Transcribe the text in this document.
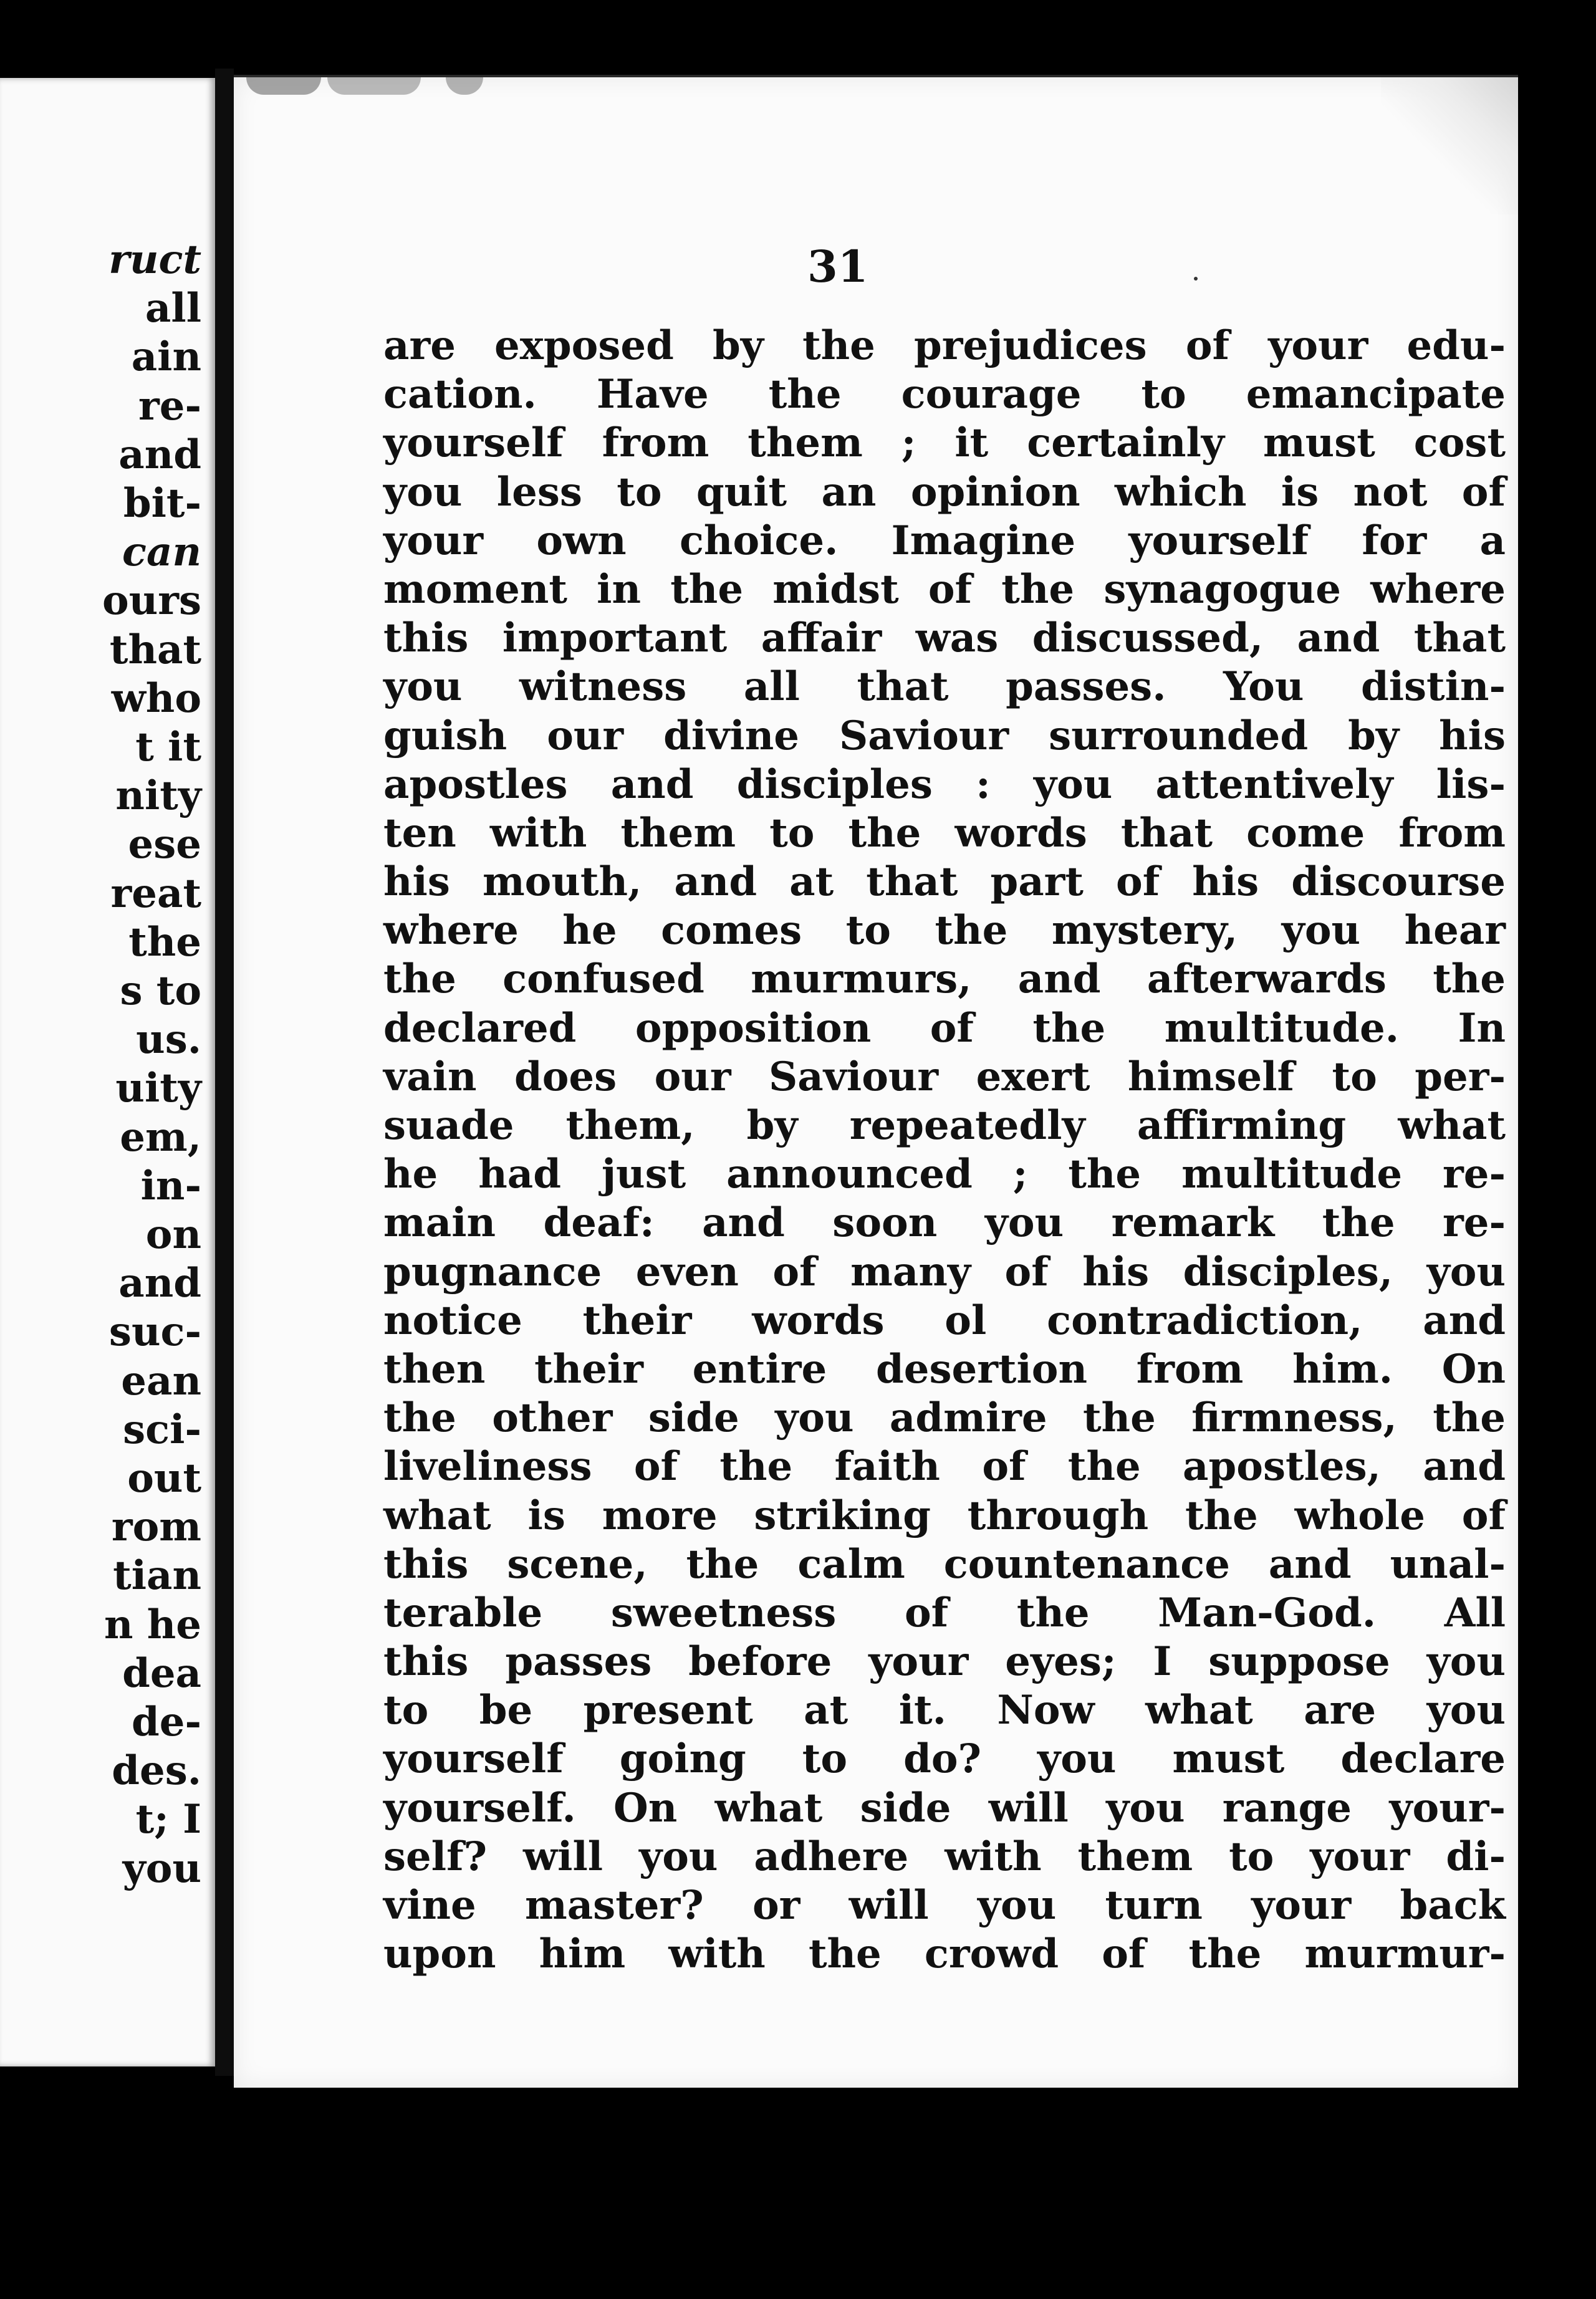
ruct
all
ain
re-
and
bit-
can
ours
that
who
t it
nity
ese
reat
the
s to
us.
uity
em,
in-
on
and
suc-
ean
sci-
out
rom
tian
n he
dea
de-
des.
t; I
you
31
are exposed by the prejudices of your edu-
cation. Have the courage to emancipate
yourself from them ; it certainly must cost
you less to quit an opinion which is not of
your own choice. Imagine yourself for a
moment in the midst of the synagogue where
this important affair was discussed, and that
you witness all that passes. You distin-
guish our divine Saviour surrounded by his
apostles and disciples : you attentively lis-
ten with them to the words that come from
his mouth, and at that part of his discourse
where he comes to the mystery, you hear
the confused murmurs, and afterwards the
declared opposition of the multitude. In
vain does our Saviour exert himself to per-
suade them, by repeatedly affirming what
he had just announced ; the multitude re-
main deaf: and soon you remark the re-
pugnance even of many of his disciples, you
notice their words ol contradiction, and
then their entire desertion from him. On
the other side you admire the firmness, the
liveliness of the faith of the apostles, and
what is more striking through the whole of
this scene, the calm countenance and unal-
terable sweetness of the Man-God. All
this passes before your eyes; I suppose you
to be present at it. Now what are you
yourself going to do? you must declare
yourself. On what side will you range your-
self? will you adhere with them to your di-
vine master? or will you turn your back
upon him with the crowd of the murmur-
